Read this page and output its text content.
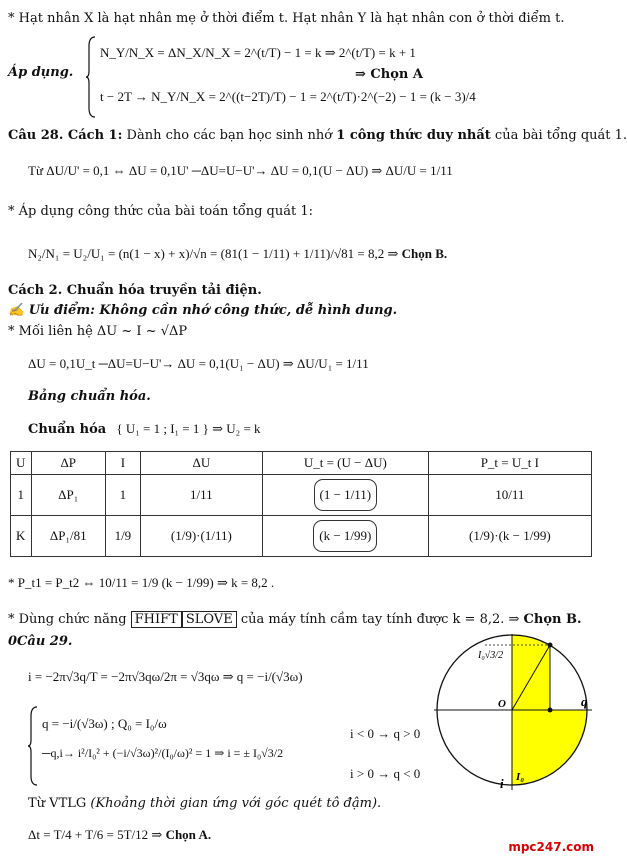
* Hạt nhân X là hạt nhân mẹ ở thời điểm t. Hạt nhân Y là hạt nhân con ở thời điểm t.
Áp dụng.
N_Y/N_X = ΔN_X/N_X = 2^(t/T) − 1 = k ⇒ 2^(t/T) = k + 1
t − 2T → N_Y/N_X = 2^((t−2T)/T) − 1 = 2^(t/T)·2^(−2) − 1 = (k − 3)/4
⇒ Chọn A
Câu 28. Cách 1: Dành cho các bạn học sinh nhớ 1 công thức duy nhất của bài tổng quát 1.
Từ ΔU/U' = 0,1 ⇔ ΔU = 0,1U' ─ΔU=U−U'→ ΔU = 0,1(U − ΔU) ⇒ ΔU/U = 1/11
* Áp dụng công thức của bài toán tổng quát 1:
N₂/N₁ = U₂/U₁ = (n(1 − x) + x)/√n = (81(1 − 1/11) + 1/11)/√81 = 8,2 ⇒ Chọn B.
Cách 2. Chuẩn hóa truyền tải điện.
✍ Ưu điểm: Không cần nhớ công thức, dễ hình dung.
* Mối liên hệ ΔU ~ I ~ √ΔP
ΔU = 0,1U_t ─ΔU=U−U'→ ΔU = 0,1(U₁ − ΔU) ⇒ ΔU/U₁ = 1/11
Bảng chuẩn hóa.
Chuẩn hóa { U₁ = 1 ; I₁ = 1 } ⇒ U₂ = k
U	ΔP	I	ΔU	U_t = (U − ΔU)	P_t = U_t I
1	ΔP₁	1	1/11	(1 − 1/11)	10/11
K	ΔP₁/81	1/9	(1/9)·(1/11)	(k − 1/99)	(1/9)·(k − 1/99)
* P_t1 = P_t2 ⇔ 10/11 = 1/9 (k − 1/99) ⇒ k = 8,2 .
* Dùng chức năng FHIFT SLOVE của máy tính cầm tay tính được k = 8,2. ⇒ Chọn B.
0Câu 29.
i = −2π√3q/T = −2π√3qω/2π = √3qω ⇒ q = −i/(√3ω)
q = −i/(√3ω) ; Q₀ = I₀/ω
─q,i→ i²/I₀² + (−i/√3ω)²/(I₀/ω)² = 1 ⇒ i = ± I₀√3/2
i < 0 → q > 0
i > 0 → q < 0
Từ VTLG (Khoảng thời gian ứng với góc quét tô đậm).
Δt = T/4 + T/6 = 5T/12 ⇒ Chọn A.
I₀√3/2
O	q
i I₀
mpc247.com
